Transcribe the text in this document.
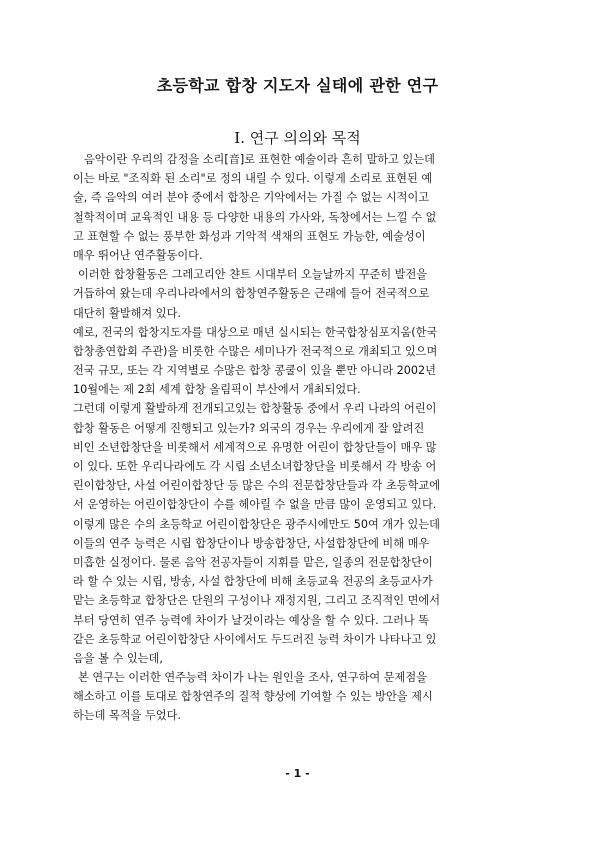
초등학교 합창 지도자 실태에 관한 연구
Ⅰ. 연구 의의와 목적
음악이란 우리의 감정을 소리[音]로 표현한 예술이라 흔히 말하고 있는데
이는 바로 "조직화 된 소리"로 정의 내릴 수 있다. 이렇게 소리로 표현된 예
술, 즉 음악의 여러 분야 중에서 합창은 기악에서는 가질 수 없는 시적이고
철학적이며 교육적인 내용 등 다양한 내용의 가사와, 독창에서는 느낄 수 없
고 표현할 수 없는 풍부한 화성과 기악적 색채의 표현도 가능한, 예술성이
매우 뛰어난 연주활동이다.
이러한 합창활동은 그레고리안 챤트 시대부터 오늘날까지 꾸준히 발전을
거듭하여 왔는데 우리나라에서의 합창연주활동은 근래에 들어 전국적으로
대단히 활발해져 있다.
예로, 전국의 합창지도자를 대상으로 매년 실시되는 한국합창심포지움(한국
합창총연합회 주관)을 비롯한 수많은 세미나가 전국적으로 개최되고 있으며
전국 규모, 또는 각 지역별로 수많은 합창 콩쿨이 있을 뿐만 아니라 2002년
10월에는 제 2회 세계 합창 올림픽이 부산에서 개최되었다.
그런데 이렇게 활발하게 전개되고있는 합창활동 중에서 우리 나라의 어린이
합창 활동은 어떻게 진행되고 있는가? 외국의 경우는 우리에게 잘 알려진
비인 소년합창단을 비롯해서 세계적으로 유명한 어린이 합창단들이 매우 많
이 있다. 또한 우리나라에도 각 시립 소년소녀합창단을 비롯해서 각 방송 어
린이합창단, 사설 어린이합창단 등 많은 수의 전문합창단들과 각 초등학교에
서 운영하는 어린이합창단이 수를 헤아릴 수 없을 만큼 많이 운영되고 있다.
이렇게 많은 수의 초등학교 어린이합창단은 광주시에만도 50여 개가 있는데
이들의 연주 능력은 시립 합창단이나 방송합창단, 사설합창단에 비해 매우
미흡한 실정이다. 물론 음악 전공자들이 지휘를 맡은, 일종의 전문합창단이
라 할 수 있는 시립, 방송, 사설 합창단에 비해 초등교육 전공의 초등교사가
맡는 초등학교 합창단은 단원의 구성이나 재정지원, 그리고 조직적인 면에서
부터 당연히 연주 능력에 차이가 날것이라는 예상을 할 수 있다. 그러나 똑
같은 초등학교 어린이합창단 사이에서도 두드러진 능력 차이가 나타나고 있
음을 볼 수 있는데,
본 연구는 이러한 연주능력 차이가 나는 원인을 조사, 연구하여 문제점을
해소하고 이를 토대로 합창연주의 질적 향상에 기여할 수 있는 방안을 제시
하는데 목적을 두었다.
- 1 -
